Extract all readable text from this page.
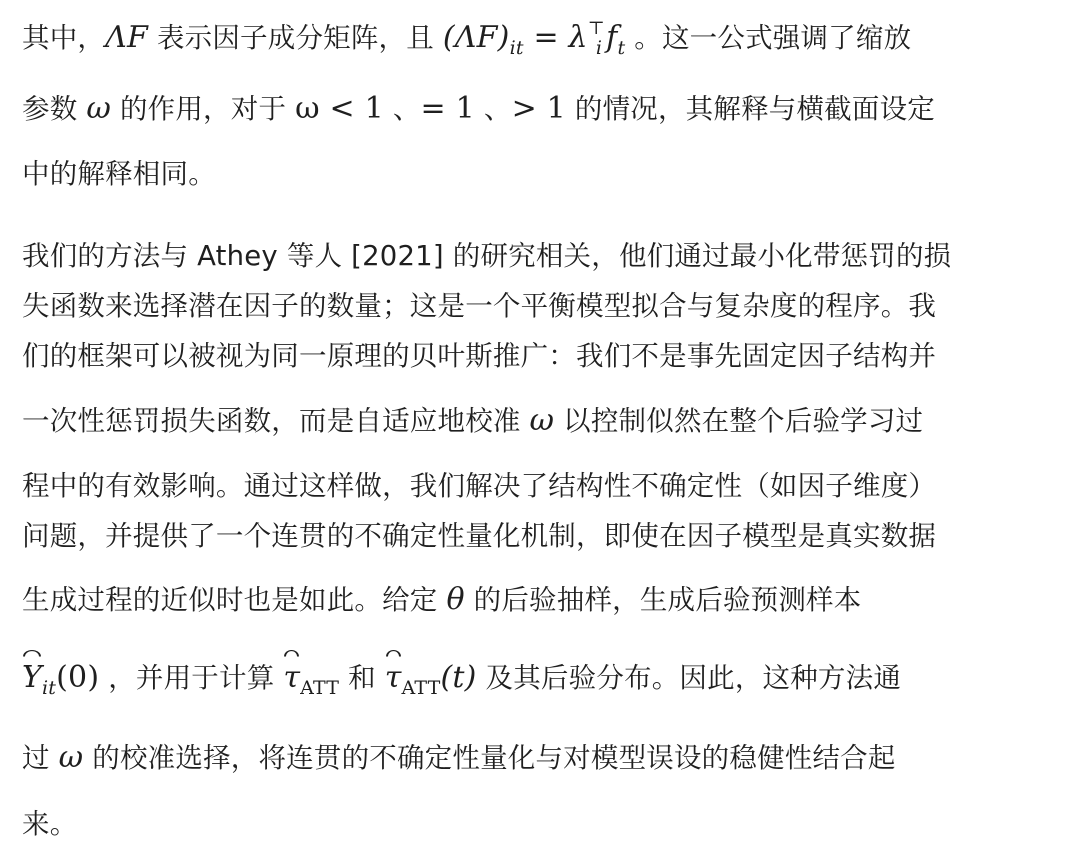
其中，ΛF 表示因子成分矩阵，且 $(\Lambda F)_{it} = \lambda^⊤_i$ $f_t$ 。这一公式强调了缩放
参数 ω 的作用，对于 ω < 1 、= 1 、> 1 的情况，其解释与横截面设定
中的解释相同。
我们的方法与 Athey 等人 [2021] 的研究相关，他们通过最小化带惩罚的损
失函数来选择潜在因子的数量；这是一个平衡模型拟合与复杂度的程序。我
们的框架可以被视为同一原理的贝叶斯推广：我们不是事先固定因子结构并
一次性惩罚损失函数，而是自适应地校准 ω 以控制似然在整个后验学习过
程中的有效影响。通过这样做，我们解决了结构性不确定性（如因子维度）
问题，并提供了一个连贯的不确定性量化机制，即使在因子模型是真实数据
生成过程的近似时也是如此。给定 θ 的后验抽样，生成后验预测样本
$Y_{it}(0)$ ，并用于计算 $\tau_{ATT}$ 和 $\tau_{ATT}(t)$ 及其后验分布。因此，这种方法通
过 ω 的校准选择，将连贯的不确定性量化与对模型误设的稳健性结合起
来。
